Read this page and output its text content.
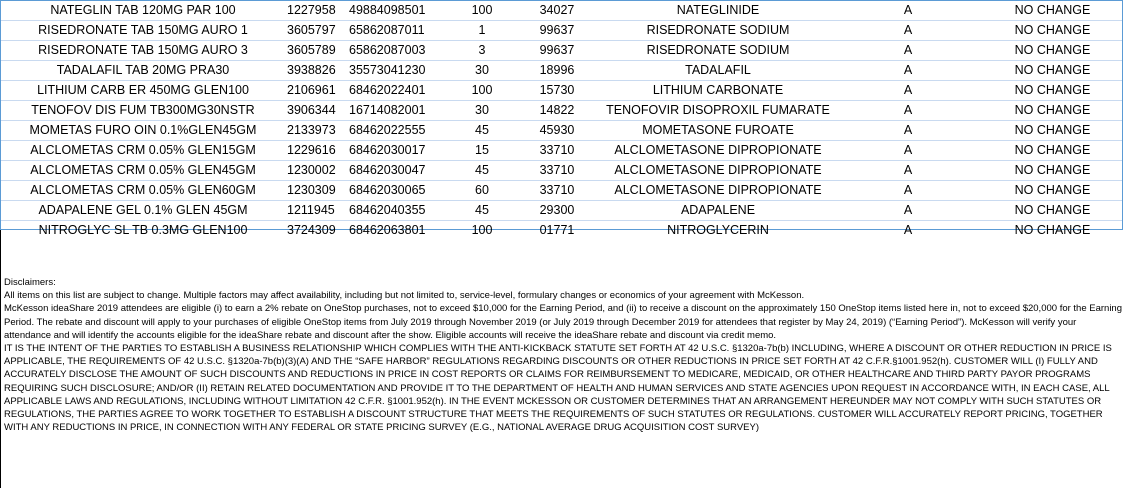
NATEGLIN TAB 120MG PAR 100	1227958	49884098501	100	34027	NATEGLINIDE	A	NO CHANGE
RISEDRONATE TAB 150MG AURO 1	3605797	65862087011	1	99637	RISEDRONATE SODIUM	A	NO CHANGE
RISEDRONATE TAB 150MG AURO 3	3605789	65862087003	3	99637	RISEDRONATE SODIUM	A	NO CHANGE
TADALAFIL TAB 20MG PRA30	3938826	35573041230	30	18996	TADALAFIL	A	NO CHANGE
LITHIUM CARB ER 450MG GLEN100	2106961	68462022401	100	15730	LITHIUM CARBONATE	A	NO CHANGE
TENOFOV DIS FUM TB300MG30NSTR	3906344	16714082001	30	14822	TENOFOVIR DISOPROXIL FUMARATE	A	NO CHANGE
MOMETAS FURO OIN 0.1%GLEN45GM	2133973	68462022555	45	45930	MOMETASONE FUROATE	A	NO CHANGE
ALCLOMETAS CRM 0.05% GLEN15GM	1229616	68462030017	15	33710	ALCLOMETASONE DIPROPIONATE	A	NO CHANGE
ALCLOMETAS CRM 0.05% GLEN45GM	1230002	68462030047	45	33710	ALCLOMETASONE DIPROPIONATE	A	NO CHANGE
ALCLOMETAS CRM 0.05% GLEN60GM	1230309	68462030065	60	33710	ALCLOMETASONE DIPROPIONATE	A	NO CHANGE
ADAPALENE GEL 0.1% GLEN 45GM	1211945	68462040355	45	29300	ADAPALENE	A	NO CHANGE
NITROGLYC SL TB 0.3MG GLEN100	3724309	68462063801	100	01771	NITROGLYCERIN	A	NO CHANGE

Disclaimers:

All items on this list are subject to change. Multiple factors may affect availability, including but not limited to, service-level, formulary changes or economics of your agreement with McKesson.

McKesson ideaShare 2019 attendees are eligible (i) to earn a 2% rebate on OneStop purchases, not to exceed $10,000 for the Earning Period, and (ii) to receive a discount on the approximately 150 OneStop items listed here in, not to exceed $20,000 for the Earning Period. The rebate and discount will apply to your purchases of eligible OneStop items from July 2019 through November 2019 (or July 2019 through December 2019 for attendees that register by May 24, 2019) (“Earning Period”). McKesson will verify your attendance and will identify the accounts eligible for the ideaShare rebate and discount after the show. Eligible accounts will receive the ideaShare rebate and discount via credit memo.

IT IS THE INTENT OF THE PARTIES TO ESTABLISH A BUSINESS RELATIONSHIP WHICH COMPLIES WITH THE ANTI-KICKBACK STATUTE SET FORTH AT 42 U.S.C. §1320a-7b(b) INCLUDING, WHERE A DISCOUNT OR OTHER REDUCTION IN PRICE IS APPLICABLE, THE REQUIREMENTS OF 42 U.S.C. §1320a-7b(b)(3)(A) AND THE “SAFE HARBOR” REGULATIONS REGARDING DISCOUNTS OR OTHER REDUCTIONS IN PRICE SET FORTH AT 42 C.F.R.§1001.952(h). CUSTOMER WILL (I) FULLY AND ACCURATELY DISCLOSE THE AMOUNT OF SUCH DISCOUNTS AND REDUCTIONS IN PRICE IN COST REPORTS OR CLAIMS FOR REIMBURSEMENT TO MEDICARE, MEDICAID, OR OTHER HEALTHCARE AND THIRD PARTY PAYOR PROGRAMS REQUIRING SUCH DISCLOSURE; AND/OR (II) RETAIN RELATED DOCUMENTATION AND PROVIDE IT TO THE DEPARTMENT OF HEALTH AND HUMAN SERVICES AND STATE AGENCIES UPON REQUEST IN ACCORDANCE WITH, IN EACH CASE, ALL APPLICABLE LAWS AND REGULATIONS, INCLUDING WITHOUT LIMITATION 42 C.F.R. §1001.952(h). IN THE EVENT MCKESSON OR CUSTOMER DETERMINES THAT AN ARRANGEMENT HEREUNDER MAY NOT COMPLY WITH SUCH STATUTES OR REGULATIONS, THE PARTIES AGREE TO WORK TOGETHER TO ESTABLISH A DISCOUNT STRUCTURE THAT MEETS THE REQUIREMENTS OF SUCH STATUTES OR REGULATIONS. CUSTOMER WILL ACCURATELY REPORT PRICING, TOGETHER WITH ANY REDUCTIONS IN PRICE, IN CONNECTION WITH ANY FEDERAL OR STATE PRICING SURVEY (E.G., NATIONAL AVERAGE DRUG ACQUISITION COST SURVEY)
